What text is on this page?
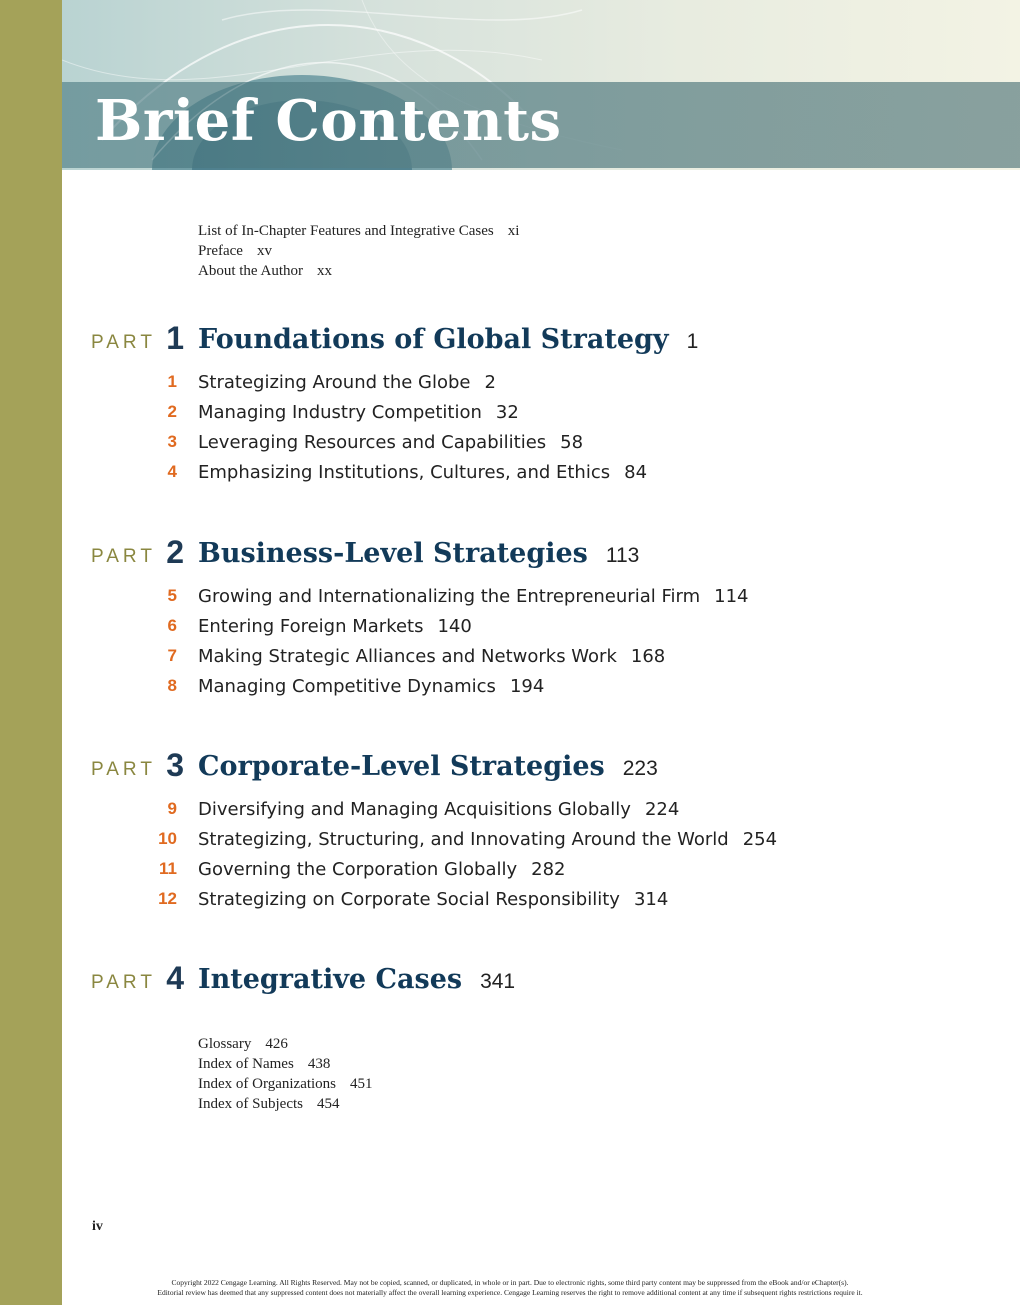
Brief Contents
List of In-Chapter Features and Integrative Cases xi
Preface xv
About the Author xx
PART 1 Foundations of Global Strategy 1
1 Strategizing Around the Globe 2
2 Managing Industry Competition 32
3 Leveraging Resources and Capabilities 58
4 Emphasizing Institutions, Cultures, and Ethics 84
PART 2 Business-Level Strategies 113
5 Growing and Internationalizing the Entrepreneurial Firm 114
6 Entering Foreign Markets 140
7 Making Strategic Alliances and Networks Work 168
8 Managing Competitive Dynamics 194
PART 3 Corporate-Level Strategies 223
9 Diversifying and Managing Acquisitions Globally 224
10 Strategizing, Structuring, and Innovating Around the World 254
11 Governing the Corporation Globally 282
12 Strategizing on Corporate Social Responsibility 314
PART 4 Integrative Cases 341
Glossary 426
Index of Names 438
Index of Organizations 451
Index of Subjects 454
iv
Copyright 2022 Cengage Learning. All Rights Reserved. May not be copied, scanned, or duplicated, in whole or in part. Due to electronic rights, some third party content may be suppressed from the eBook and/or eChapter(s).
Editorial review has deemed that any suppressed content does not materially affect the overall learning experience. Cengage Learning reserves the right to remove additional content at any time if subsequent rights restrictions require it.
